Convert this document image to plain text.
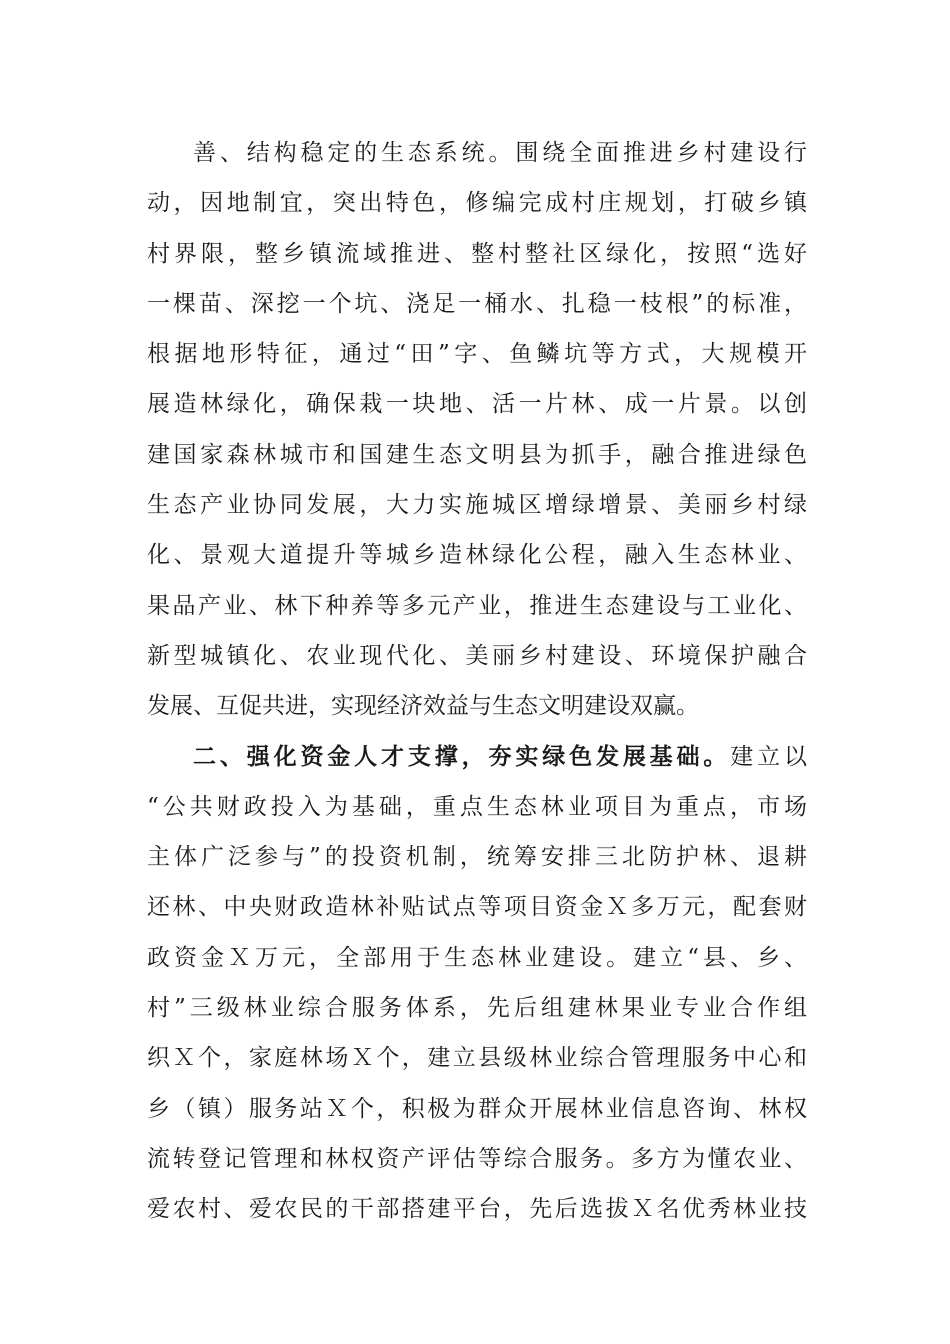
善、结构稳定的生态系统。围绕全面推进乡村建设行
动，因地制宜，突出特色，修编完成村庄规划，打破乡镇
村界限，整乡镇流域推进、整村整社区绿化，按照“选好
一棵苗、深挖一个坑、浇足一桶水、扎稳一枝根”的标准，
根据地形特征，通过“田”字、鱼鳞坑等方式，大规模开
展造林绿化，确保栽一块地、活一片林、成一片景。以创
建国家森林城市和国建生态文明县为抓手，融合推进绿色
生态产业协同发展，大力实施城区增绿增景、美丽乡村绿
化、景观大道提升等城乡造林绿化公程，融入生态林业、
果品产业、林下种养等多元产业，推进生态建设与工业化、
新型城镇化、农业现代化、美丽乡村建设、环境保护融合
发展、互促共进，实现经济效益与生态文明建设双赢。
二、强化资金人才支撑，夯实绿色发展基础。建立以
“公共财政投入为基础，重点生态林业项目为重点，市场
主体广泛参与”的投资机制，统筹安排三北防护林、退耕
还林、中央财政造林补贴试点等项目资金Ｘ多万元，配套财
政资金Ｘ万元，全部用于生态林业建设。建立“县、乡、
村”三级林业综合服务体系，先后组建林果业专业合作组
织Ｘ个，家庭林场Ｘ个，建立县级林业综合管理服务中心和
乡（镇）服务站Ｘ个，积极为群众开展林业信息咨询、林权
流转登记管理和林权资产评估等综合服务。多方为懂农业、
爱农村、爱农民的干部搭建平台，先后选拔Ｘ名优秀林业技
